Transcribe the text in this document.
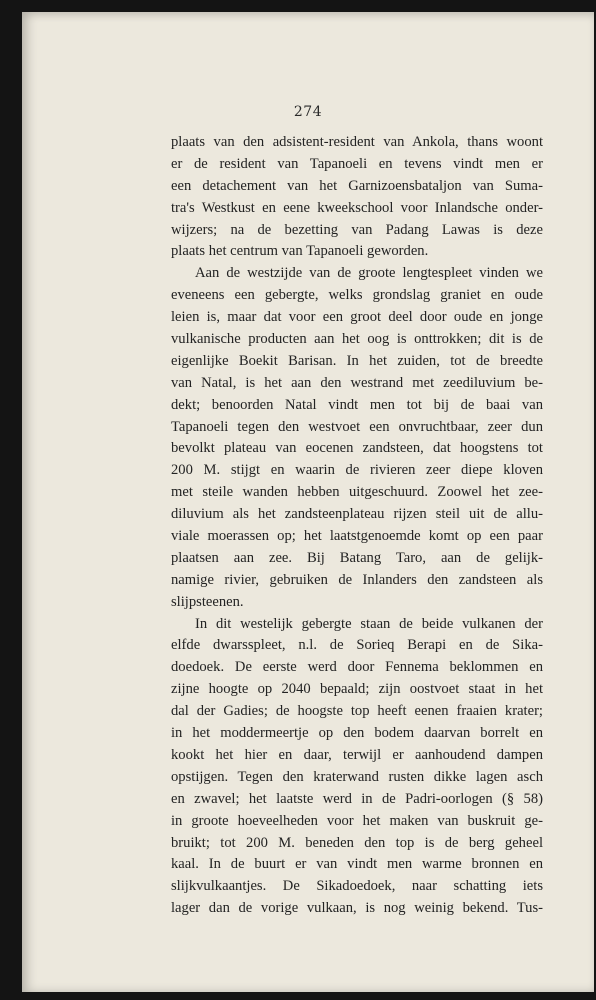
274
plaats van den adsistent-resident van Ankola, thans woont
er de resident van Tapanoeli en tevens vindt men er
een detachement van het Garnizoensbataljon van Suma-
tra's Westkust en eene kweekschool voor Inlandsche onder-
wijzers; na de bezetting van Padang Lawas is deze
plaats het centrum van Tapanoeli geworden.
Aan de westzijde van de groote lengtespleet vinden we
eveneens een gebergte, welks grondslag graniet en oude
leien is, maar dat voor een groot deel door oude en jonge
vulkanische producten aan het oog is onttrokken; dit is de
eigenlijke Boekit Barisan. In het zuiden, tot de breedte
van Natal, is het aan den westrand met zeediluvium be-
dekt; benoorden Natal vindt men tot bij de baai van
Tapanoeli tegen den westvoet een onvruchtbaar, zeer dun
bevolkt plateau van eocenen zandsteen, dat hoogstens tot
200 M. stijgt en waarin de rivieren zeer diepe kloven
met steile wanden hebben uitgeschuurd. Zoowel het zee-
diluvium als het zandsteenplateau rijzen steil uit de allu-
viale moerassen op; het laatstgenoemde komt op een paar
plaatsen aan zee. Bij Batang Taro, aan de gelijk-
namige rivier, gebruiken de Inlanders den zandsteen als
slijpsteenen.
In dit westelijk gebergte staan de beide vulkanen der
elfde dwarsspleet, n.l. de Sorieq Berapi en de Sika-
doedoek. De eerste werd door Fennema beklommen en
zijne hoogte op 2040 bepaald; zijn oostvoet staat in het
dal der Gadies; de hoogste top heeft eenen fraaien krater;
in het moddermeertje op den bodem daarvan borrelt en
kookt het hier en daar, terwijl er aanhoudend dampen
opstijgen. Tegen den kraterwand rusten dikke lagen asch
en zwavel; het laatste werd in de Padri-oorlogen (§ 58)
in groote hoeveelheden voor het maken van buskruit ge-
bruikt; tot 200 M. beneden den top is de berg geheel
kaal. In de buurt er van vindt men warme bronnen en
slijkvulkaantjes. De Sikadoedoek, naar schatting iets
lager dan de vorige vulkaan, is nog weinig bekend. Tus-
